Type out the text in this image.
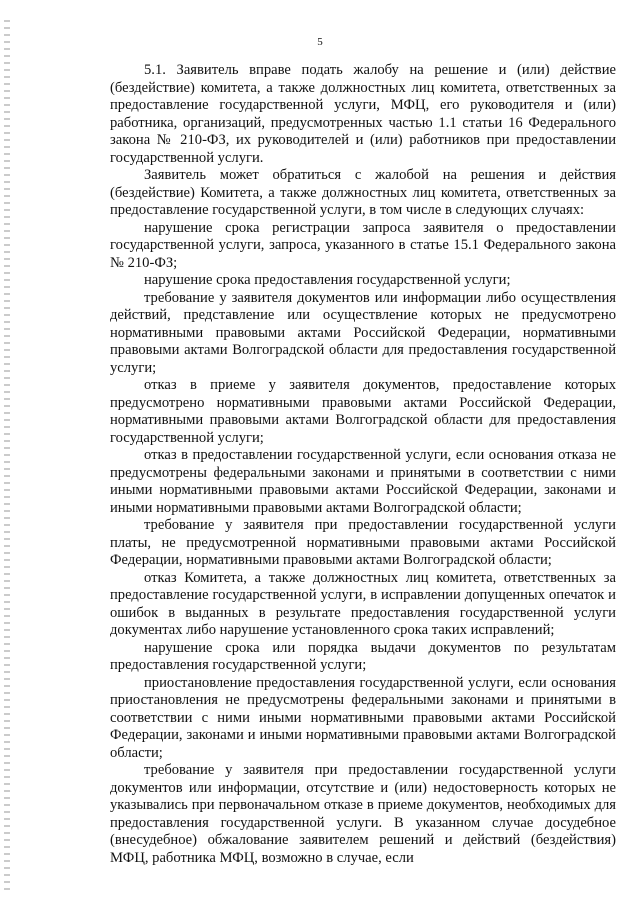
5

5.1. Заявитель вправе подать жалобу на решение и (или) действие (бездействие) комитета, а также должностных лиц комитета, ответственных за предоставление государственной услуги, МФЦ, его руководителя и (или) работника, организаций, предусмотренных частью 1.1 статьи 16 Федерального закона № 210-ФЗ, их руководителей и (или) работников при предоставлении государственной услуги.

Заявитель может обратиться с жалобой на решения и действия (бездействие) Комитета, а также должностных лиц комитета, ответственных за предоставление государственной услуги, в том числе в следующих случаях:

нарушение срока регистрации запроса заявителя о предоставлении государственной услуги, запроса, указанного в статье 15.1 Федерального закона № 210-ФЗ;

нарушение срока предоставления государственной услуги;

требование у заявителя документов или информации либо осуществления действий, представление или осуществление которых не предусмотрено нормативными правовыми актами Российской Федерации, нормативными правовыми актами Волгоградской области для предоставления государственной услуги;

отказ в приеме у заявителя документов, предоставление которых предусмотрено нормативными правовыми актами Российской Федерации, нормативными правовыми актами Волгоградской области для предоставления государственной услуги;

отказ в предоставлении государственной услуги, если основания отказа не предусмотрены федеральными законами и принятыми в соответствии с ними иными нормативными правовыми актами Российской Федерации, законами и иными нормативными правовыми актами Волгоградской области;

требование у заявителя при предоставлении государственной услуги платы, не предусмотренной нормативными правовыми актами Российской Федерации, нормативными правовыми актами Волгоградской области;

отказ Комитета, а также должностных лиц комитета, ответственных за предоставление государственной услуги, в исправлении допущенных опечаток и ошибок в выданных в результате предоставления государственной услуги документах либо нарушение установленного срока таких исправлений;

нарушение срока или порядка выдачи документов по результатам предоставления государственной услуги;

приостановление предоставления государственной услуги, если основания приостановления не предусмотрены федеральными законами и принятыми в соответствии с ними иными нормативными правовыми актами Российской Федерации, законами и иными нормативными правовыми актами Волгоградской области;

требование у заявителя при предоставлении государственной услуги документов или информации, отсутствие и (или) недостоверность которых не указывались при первоначальном отказе в приеме документов, необходимых для предоставления государственной услуги. В указанном случае досудебное (внесудебное) обжалование заявителем решений и действий (бездействия) МФЦ, работника МФЦ, возможно в случае, если
